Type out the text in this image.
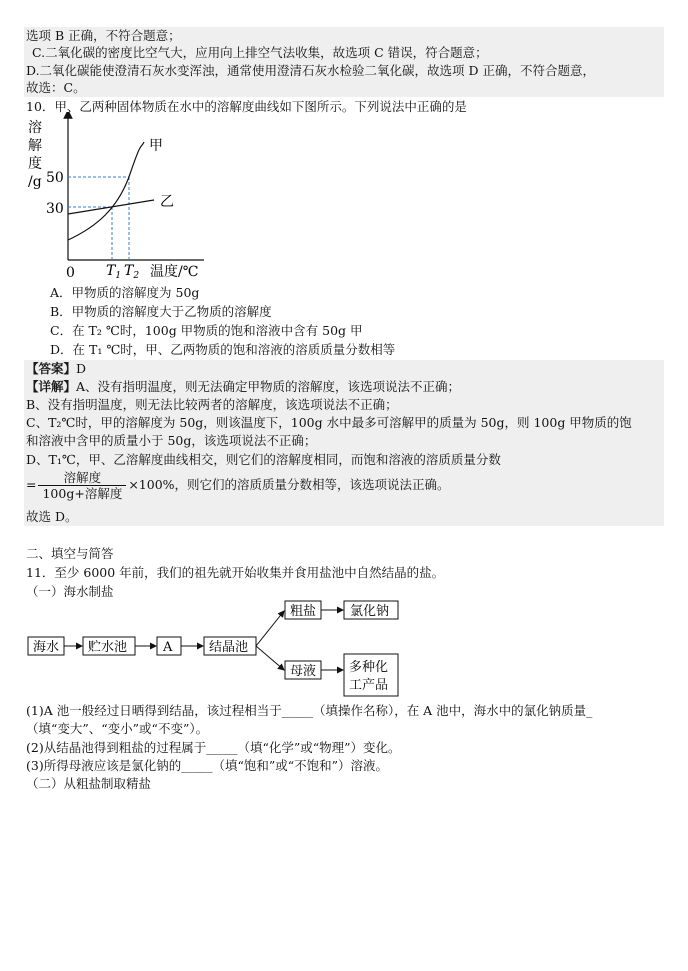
选项 B 正确，不符合题意；
C.二氧化碳的密度比空气大，应用向上排空气法收集，故选项 C 错误，符合题意；
D.二氧化碳能使澄清石灰水变浑浊，通常使用澄清石灰水检验二氧化碳，故选项 D 正确，不符合题意，
故选：C。
10．甲、乙两种固体物质在水中的溶解度曲线如下图所示。下列说法中正确的是
溶
解
度
/g 50
30
0
甲
乙
$T_1$ $T_2$ 温度/℃
A．甲物质的溶解度为 50g
B．甲物质的溶解度大于乙物质的溶解度
C．在 T₂ ℃时，100g 甲物质的饱和溶液中含有 50g 甲
D．在 T₁ ℃时，甲、乙两物质的饱和溶液的溶质质量分数相等
【答案】D
【详解】A、没有指明温度，则无法确定甲物质的溶解度，该选项说法不正确；
B、没有指明温度，则无法比较两者的溶解度，该选项说法不正确；
C、T₂℃时，甲的溶解度为 50g，则该温度下，100g 水中最多可溶解甲的质量为 50g，则 100g 甲物质的饱
和溶液中含甲的质量小于 50g，该选项说法不正确；
D、T₁℃，甲、乙溶解度曲线相交，则它们的溶解度相同，而饱和溶液的溶质质量分数
= $\frac{\text{溶解度}}{\text{100g+溶解度}} \times 100\%$，则它们的溶质质量分数相等，该选项说法正确。
故选 D。
二、填空与简答
11．至少 6000 年前，我们的祖先就开始收集并食用盐池中自然结晶的盐。
（一）海水制盐
海水 贮水池	A	结晶池
粗盐	氯化钠
母液	多种化
工产品
(1)A 池一般经过日晒得到结晶，该过程相当于_____（填操作名称），在 A 池中，海水中的氯化钠质量_
（填“变大”、“变小”或“不变”）。
(2)从结晶池得到粗盐的过程属于_____（填“化学”或“物理”）变化。
(3)所得母液应该是氯化钠的_____（填“饱和”或“不饱和”）溶液。
（二）从粗盐制取精盐
